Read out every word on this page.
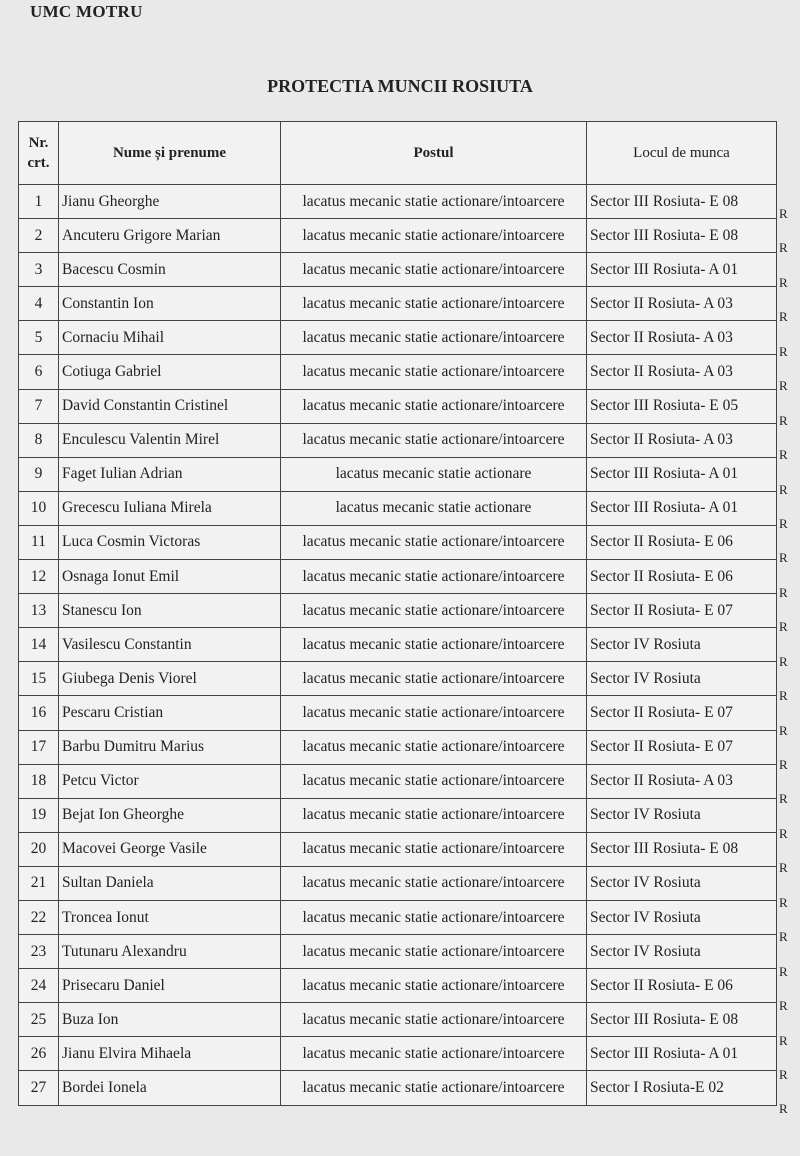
UMC MOTRU
PROTECTIA MUNCII ROSIUTA
Nr. crt.	Nume și prenume	Postul	Locul de munca
1	Jianu Gheorghe	lacatus mecanic statie actionare/intoarcere	Sector III Rosiuta- E 08
2	Ancuteru Grigore Marian	lacatus mecanic statie actionare/intoarcere	Sector III Rosiuta- E 08
3	Bacescu Cosmin	lacatus mecanic statie actionare/intoarcere	Sector III Rosiuta- A 01
4	Constantin Ion	lacatus mecanic statie actionare/intoarcere	Sector II Rosiuta- A 03
5	Cornaciu Mihail	lacatus mecanic statie actionare/intoarcere	Sector II Rosiuta- A 03
6	Cotiuga Gabriel	lacatus mecanic statie actionare/intoarcere	Sector II Rosiuta- A 03
7	David Constantin Cristinel	lacatus mecanic statie actionare/intoarcere	Sector III Rosiuta- E 05
8	Enculescu Valentin Mirel	lacatus mecanic statie actionare/intoarcere	Sector II Rosiuta- A 03
9	Faget Iulian Adrian	lacatus mecanic statie actionare	Sector III Rosiuta- A 01
10	Grecescu Iuliana Mirela	lacatus mecanic statie actionare	Sector III Rosiuta- A 01
11	Luca Cosmin Victoras	lacatus mecanic statie actionare/intoarcere	Sector II Rosiuta- E 06
12	Osnaga Ionut Emil	lacatus mecanic statie actionare/intoarcere	Sector II Rosiuta- E 06
13	Stanescu Ion	lacatus mecanic statie actionare/intoarcere	Sector II Rosiuta- E 07
14	Vasilescu Constantin	lacatus mecanic statie actionare/intoarcere	Sector IV Rosiuta
15	Giubega Denis Viorel	lacatus mecanic statie actionare/intoarcere	Sector IV Rosiuta
16	Pescaru Cristian	lacatus mecanic statie actionare/intoarcere	Sector II Rosiuta- E 07
17	Barbu Dumitru Marius	lacatus mecanic statie actionare/intoarcere	Sector II Rosiuta- E 07
18	Petcu Victor	lacatus mecanic statie actionare/intoarcere	Sector II Rosiuta- A 03
19	Bejat Ion Gheorghe	lacatus mecanic statie actionare/intoarcere	Sector IV Rosiuta
20	Macovei George Vasile	lacatus mecanic statie actionare/intoarcere	Sector III Rosiuta- E 08
21	Sultan Daniela	lacatus mecanic statie actionare/intoarcere	Sector IV Rosiuta
22	Troncea Ionut	lacatus mecanic statie actionare/intoarcere	Sector IV Rosiuta
23	Tutunaru Alexandru	lacatus mecanic statie actionare/intoarcere	Sector IV Rosiuta
24	Prisecaru Daniel	lacatus mecanic statie actionare/intoarcere	Sector II Rosiuta- E 06
25	Buza Ion	lacatus mecanic statie actionare/intoarcere	Sector III Rosiuta- E 08
26	Jianu Elvira Mihaela	lacatus mecanic statie actionare/intoarcere	Sector III Rosiuta- A 01
27	Bordei Ionela	lacatus mecanic statie actionare/intoarcere	Sector I Rosiuta-E 02
R
R
R
R
R
R
R
R
R
R
R
R
R
R
R
R
R
R
R
R
R
R
R
R
R
R
R
